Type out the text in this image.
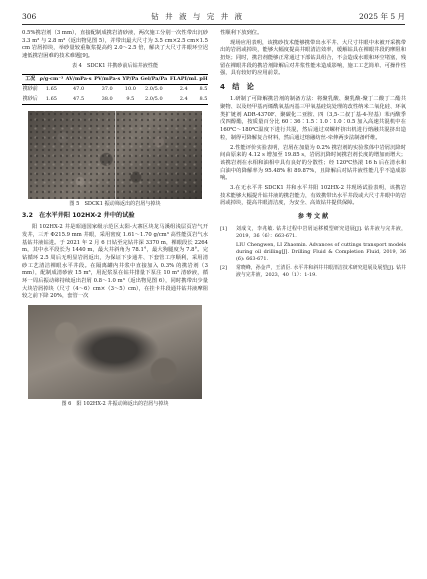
306	钻 井 液 与 完 井 液	2025 年 5 月

0.5%携岩剂（3 mm），直接配制成携岩清砂液，两次施工分别一次性带出沉砂 3.3 m³ 与 2.8 m³（返出物见图 5），并带出最大尺寸为 3.5 cm×2.5 cm×1.5 cm 岩屑掉块，举砂量较重瓶浆提高约 2.0～2.5 倍，解决了大尺寸井眼环空迟速低携岩困难的技术难题[9]。

表 4　SDCK1 井携砂前后钻井液性能
工况	ρ/g·cm⁻³	AV/mPa·s	PV/mPa·s	YP/Pa	Gel/Pa/Pa	FLAPI/mL	pH
携砂前	1.65	47.0	37.0	10.0	2.0/5.0	2.4	8.5
携砂后	1.65	47.5	38.0	9.5	2.0/5.0	2.4	8.5
图 5　SDCK1 振动筛返出的岩屑与掉块
3.2　在水平井阳 102HX-2 井中的试验

阳 102HX-2 井是昭通国家级示范区太阳-大寨区块龙马溪组浅层页岩气开发井，三开 Φ215.9 mm 井眼，采用密度 1.61～1.70 g/cm³ 高性能页岩气水基钻井液钻进。于 2021 年 2 月 6 日钻至完钻井深 3370 m，裸眼段长 2264 m，其中水平段长为 1440 m，最大井斜角为 78.1°，最大狗腿度为 7.8°。完钻循环 2.5 周后无明显岩屑返出，为保证下步通井、下套管工序顺利，采用清砂工艺清洁裸眼水平井段。在隔离罐内井浆中直接加入 0.3% 的携岩剂（3 mm），配制成清砂液 15 m³，用泥浆泵在钻井排量下泵注 10 m³ 清砂液，循环一周后振动筛持续返出岩屑 0.8～1.0 m³（返出物见图 6），同时携带出少量大块岩屑掉块（尺寸（4～6）cm×（3～5）cm），在挂卡井段通井钻井液摩阻较之前下降 20%，套管一次

图 6　阳 102HX-2 井振动筛返出的岩屑与掉块

性顺利下放到位。

现场应用表明，该携砂技术能够携带出水平井、大尺寸井眼中未被开采携带出的岩屑或掉块，能够大幅度提高井眼清洁效率，缓解钻具在裸眼井段的摩阻和扭矩；同时，携岩剂能够正常通过下部钻具组合，不会造成水眼和环空堵塞，残留在裸眼井段的携岩剂降解后对井浆性能未造成影响，施工工艺简单、可操作性强，具有较好的应用前景。

4　结　论

1.研制了可降解携岩剂的制备方法：将聚乳酸、聚乳酸-聚丁二酸丁二酯共聚物、以及经甲基丙烯酰氧基丙基三甲氧基硅烷处理的改性纳米二氧化硅、环氧类扩链剂 ADR-4370F、聚碳化二亚胺、四（3,5-二叔丁基-4-羟基）苯丙酸季戊四醇酯，按质量百分比 60∶36∶1.5∶1.0∶1.0∶0.5 加入高速共混机中在 160℃～180℃温度下进行共混，然后通过双螺杆挤出机进行熔融共混挤出造粒，制得可降解复合材料，然后通过熔融纺丝-牵伸两步法制备纤维。

2.性能评价实验表明，岩屑在加量为 0.2% 携岩剂的实验浆体中岩屑沉降时间由原来的 4.12 s 增加至 19.85 s，岩屑沉降时间携岩剂长度的增加而增大；该携岩剂在水相和油相中具有良好的分散性；经 120℃热滚 16 h 后在清水和白油中的降解率为 95.48% 和 89.87%，且降解后对钻井液性能几乎不造成影响。

3.在无水平井 SDCK1 井和水平井阳 102HX-2 井现场试验表明，该携岩技术能够大幅提升钻井液的携岩能力，有效携带出水平井段或大尺寸井眼中的岩屑或掉块，提高井眼清洁度，为安全、高效钻井提供保障。

参 考 文 献
[1]	刘成文，李兆敏. 钻井过程中岩屑运移模型研究进展[J]. 钻井液与完井液，2019，36（6）：663-671.
LIU Chengwen, LI Zhaomin. Advances of cuttings transport models during oil drilling[J]. Drilling Fluid & Completion Fluid, 2019, 36 (6): 663-671.
[2]	常晓峰，孙金声，王清臣. 水平井和斜井井眼清洁技术研究进展及展望[J]. 钻井液与完井液，2023，40（1）：1-19.
